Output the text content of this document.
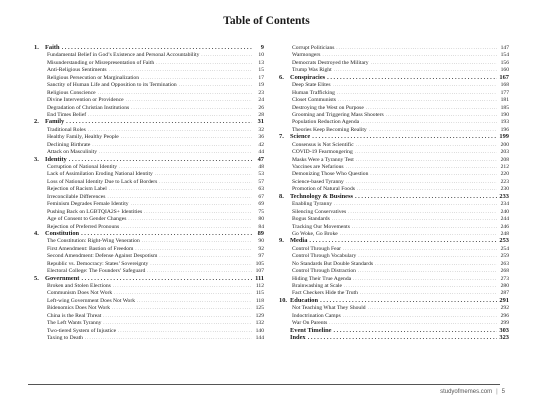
Table of Contents
1. Faith . . .	9
Fundamental Belief in God’s Existence and Personal Accountability . . .	10
Misunderstanding or Misrepresentation of Faith . . .	13
Anti-Religious Sentiments . . .	15
Religious Persecution or Marginalization . . .	17
Sanctity of Human Life and Opposition to its Termination . . .	19
Religious Conscience . . .	23
Divine Intervention or Providence . . .	24
Degradation of Christian Institutions . . .	26
End Times Belief . . .	28
2. Family . . .	31
Traditional Roles . . .	32
Healthy Family, Healthy People . . .	36
Declining Birthrate . . .	42
Attack on Masculinity . . .	44
3. Identity . . .	47
Corruption of National Identity . . .	48
Lack of Assimilation Eroding National Identity . . .	53
Loss of National Identity Due to Lack of Borders . . .	57
Rejection of Racism Label . . .	63
Irreconcilable Differences . . .	67
Feminism Degrades Female Identity . . .	69
Pushing Back on LGBTQIA2S+ Identities . . .	75
Age of Consent to Gender Changes . . .	80
Rejection of Preferred Pronouns . . .	84
4. Constitution . . .	89
The Constitution: Right-Wing Veneration . . .	90
First Amendment: Bastion of Freedom . . .	92
Second Amendment: Defense Against Despotism . . .	97
Republic vs. Democracy: States’ Sovereignty . . .	105
Electoral College: The Founders’ Safeguard . . .	107
5. Government . . .	111
Broken and Stolen Elections . . .	112
Communism Does Not Work . . .	115
Left-wing Government Does Not Work . . .	118
Bidenomics Does Not Work . . .	125
China is the Real Threat . . .	129
The Left Wants Tyranny . . .	132
Two-tiered System of Injustice . . .	140
Taxing to Death . . .	144
Corrupt Politicians . . .	147
Warmongers . . .	154
Democrats Destroyed the Military . . .	156
Trump Was Right . . .	160
6. Conspiracies . . .	167
Deep State Elites . . .	168
Human Trafficking . . .	177
Closet Communists . . .	181
Destroying the West on Purpose . . .	185
Grooming and Triggering Mass Shooters . . .	190
Population Reduction Agenda . . .	193
Theories Keep Becoming Reality . . .	196
7. Science . . .	199
Consensus is Not Scientific . . .	200
COVID-19 Fearmongering . . .	203
Masks Were a Tyranny Test . . .	208
Vaccines are Nefarious . . .	212
Demonizing Those Who Question . . .	220
Science-based Tyranny . . .	223
Promotion of Natural Foods . . .	230
8. Technology & Business . . .	233
Enabling Tyranny . . .	234
Silencing Conservatives . . .	240
Bogus Standards . . .	244
Tracking Our Movements . . .	246
Go Woke, Go Broke . . .	248
9. Media . . .	253
Control Through Fear . . .	254
Control Through Vocabulary . . .	259
No Standards But Double Standards . . .	263
Control Through Distraction . . .	268
Hiding Their True Agenda . . .	273
Brainwashing at Scale . . .	280
Fact Checkers Hide the Truth . . .	287
10. Education . . .	291
Not Teaching What They Should . . .	292
Indoctrination Camps . . .	296
War On Parents . . .	299
Event Timeline . . .	303
Index . . .	323
studyofmemes.com | 5
